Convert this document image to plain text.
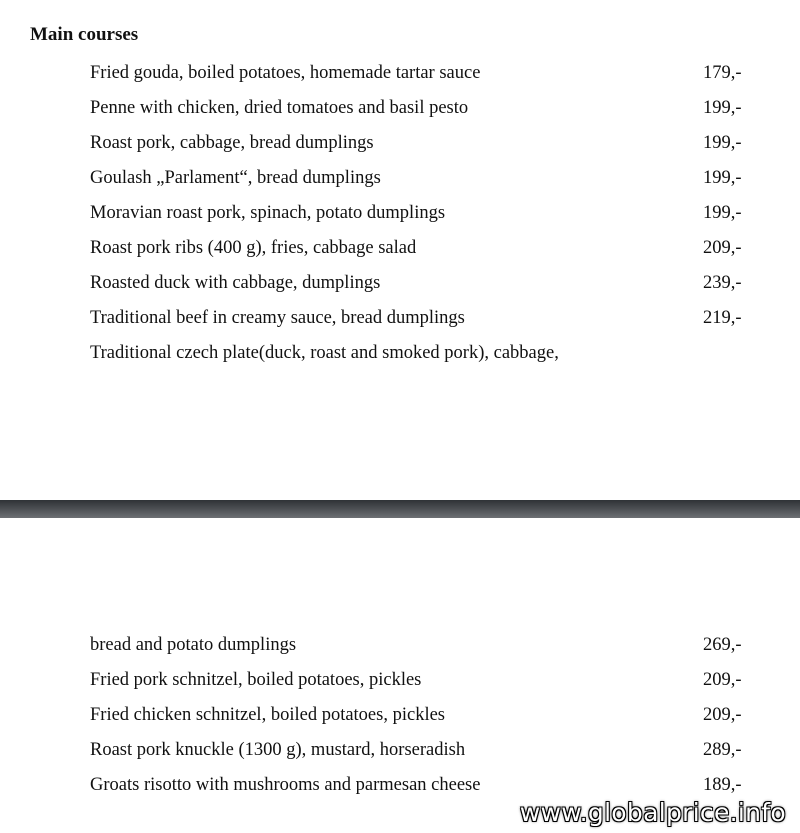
Main courses
Fried gouda, boiled potatoes, homemade tartar sauce	179,-
Penne with chicken, dried tomatoes and basil pesto	199,-
Roast pork, cabbage, bread dumplings	199,-
Goulash „Parlament“, bread dumplings	199,-
Moravian roast pork, spinach, potato dumplings	199,-
Roast pork ribs (400 g), fries, cabbage salad	209,-
Roasted duck with cabbage, dumplings	239,-
Traditional beef in creamy sauce, bread dumplings	219,-
Traditional czech plate(duck, roast and smoked pork), cabbage,
bread and potato dumplings	269,-
Fried pork schnitzel, boiled potatoes, pickles	209,-
Fried chicken schnitzel, boiled potatoes, pickles	209,-
Roast pork knuckle (1300 g), mustard, horseradish	289,-
Groats risotto with mushrooms and parmesan cheese	189,-
www.globalprice.info
